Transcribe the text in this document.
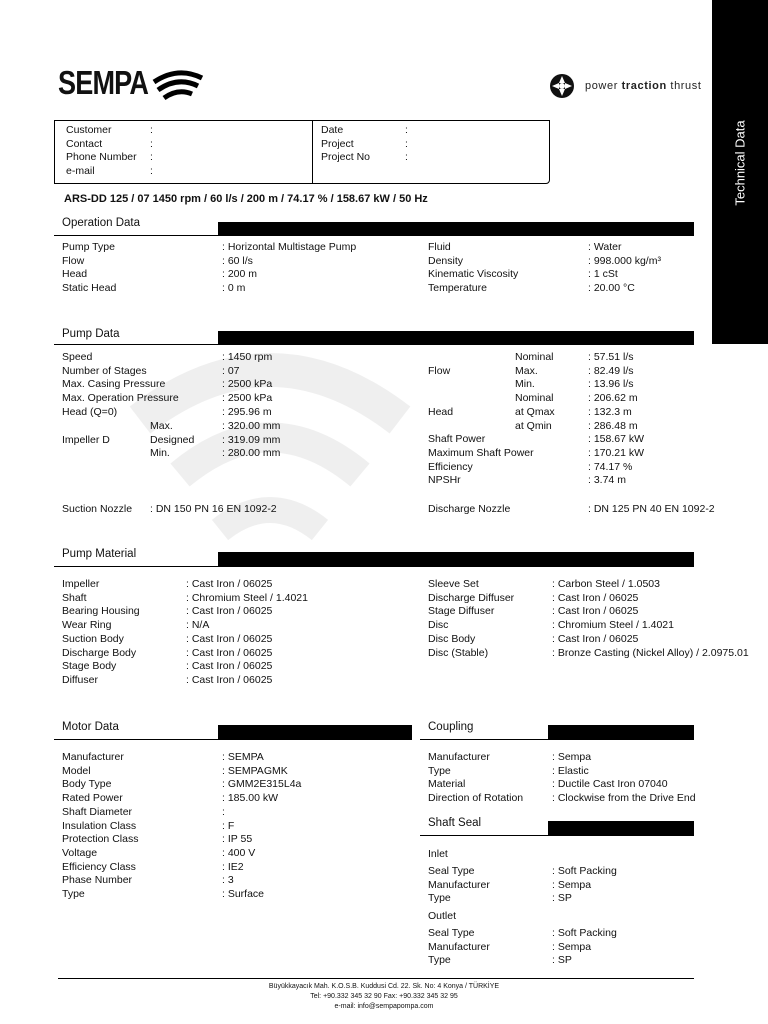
Technical Data
SEMPA	power traction thrust
ARS-DD 125 / 07 1450 rpm / 60 l/s / 200 m / 74.17 % / 158.67 kW / 50 Hz
Operation Data
Pump Data
Pump Material
Motor Data	Coupling
Shaft Seal
Büyükkayacık Mah. K.O.S.B. Kuddusi Cd. 22. Sk. No: 4 Konya / TÜRKİYE
Tel: +90.332 345 32 90 Fax: +90.332 345 32 95
e-mail: info@sempapompa.com
Customer	:
Contact	:
Phone Number :
e-mail	:
Date	:
Project	:
Project No	:
Pump Type	: Horizontal Multistage Pump
Flow	: 60 l/s
Head	: 200 m
Static Head	: 0 m
Fluid	: Water
Density	: 998.000 kg/m³
Kinematic Viscosity	: 1 cSt
Temperature	: 20.00 °C
Speed	: 1450 rpm
Number of Stages	: 07
Max. Casing Pressure	: 2500 kPa
Max. Operation Pressure	: 2500 kPa
Head (Q=0)	: 295.96 m
Impeller D
Max.	: 320.00 mm
Designed	: 319.09 mm
Min.	: 280.00 mm
Nominal	: 57.51 l/s
Flow	Max.	: 82.49 l/s
Min.	: 13.96 l/s
Nominal	: 206.62 m
Head	at Qmax	: 132.3 m
at Qmin	: 286.48 m
Shaft Power	: 158.67 kW
Maximum Shaft Power	: 170.21 kW
Efficiency	: 74.17 %
NPSHr	: 3.74 m
Suction Nozzle : DN 150 PN 16 EN 1092-2	Discharge Nozzle	: DN 125 PN 40 EN 1092-2
Impeller	: Cast Iron / 06025
Shaft	: Chromium Steel / 1.4021
Bearing Housing	: Cast Iron / 06025
Wear Ring	: N/A
Suction Body	: Cast Iron / 06025
Discharge Body	: Cast Iron / 06025
Stage Body	: Cast Iron / 06025
Diffuser	: Cast Iron / 06025
Sleeve Set	: Carbon Steel / 1.0503
Discharge Diffuser	: Cast Iron / 06025
Stage Diffuser	: Cast Iron / 06025
Disc	: Chromium Steel / 1.4021
Disc Body	: Cast Iron / 06025
Disc (Stable)	: Bronze Casting (Nickel Alloy) / 2.0975.01
Manufacturer	: SEMPA
Model	: SEMPAGMK
Body Type	: GMM2E315L4a
Rated Power	: 185.00 kW
Shaft Diameter	:
Insulation Class	: F
Protection Class	: IP 55
Voltage	: 400 V
Efficiency Class	: IE2
Phase Number	: 3
Type	: Surface
Manufacturer	: Sempa
Type	: Elastic
Material	: Ductile Cast Iron 07040
Direction of Rotation	: Clockwise from the Drive End
Inlet
Seal Type	: Soft Packing
Manufacturer	: Sempa
Type	: SP
Outlet
Seal Type	: Soft Packing
Manufacturer	: Sempa
Type	: SP
